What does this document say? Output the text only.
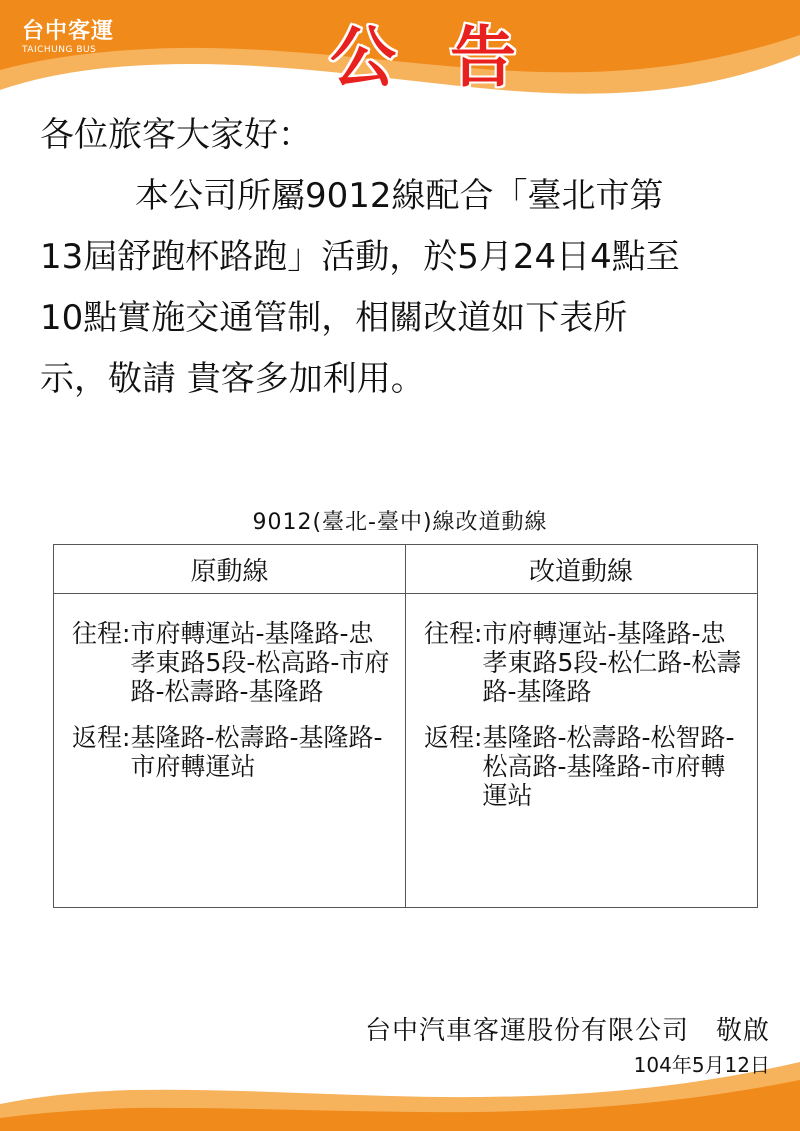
台中客運
TAICHUNG BUS	公 告

各位旅客大家好：

本公司所屬9012線配合「臺北市第

13屆舒跑杯路跑」活動，於5月24日4點至

10點實施交通管制，相關改道如下表所

示，敬請 貴客多加利用。

9012(臺北-臺中)線改道動線
原動線	改道動線
往程: 市府轉運站-基隆路-忠孝東路5段-松高路-市府路-松壽路-基隆路
返程: 基隆路-松壽路-基隆路-市府轉運站
往程: 市府轉運站-基隆路-忠孝東路5段-松仁路-松壽路-基隆路
返程: 基隆路-松壽路-松智路-松高路-基隆路-市府轉運站
台中汽車客運股份有限公司　敬啟
104年5月12日
